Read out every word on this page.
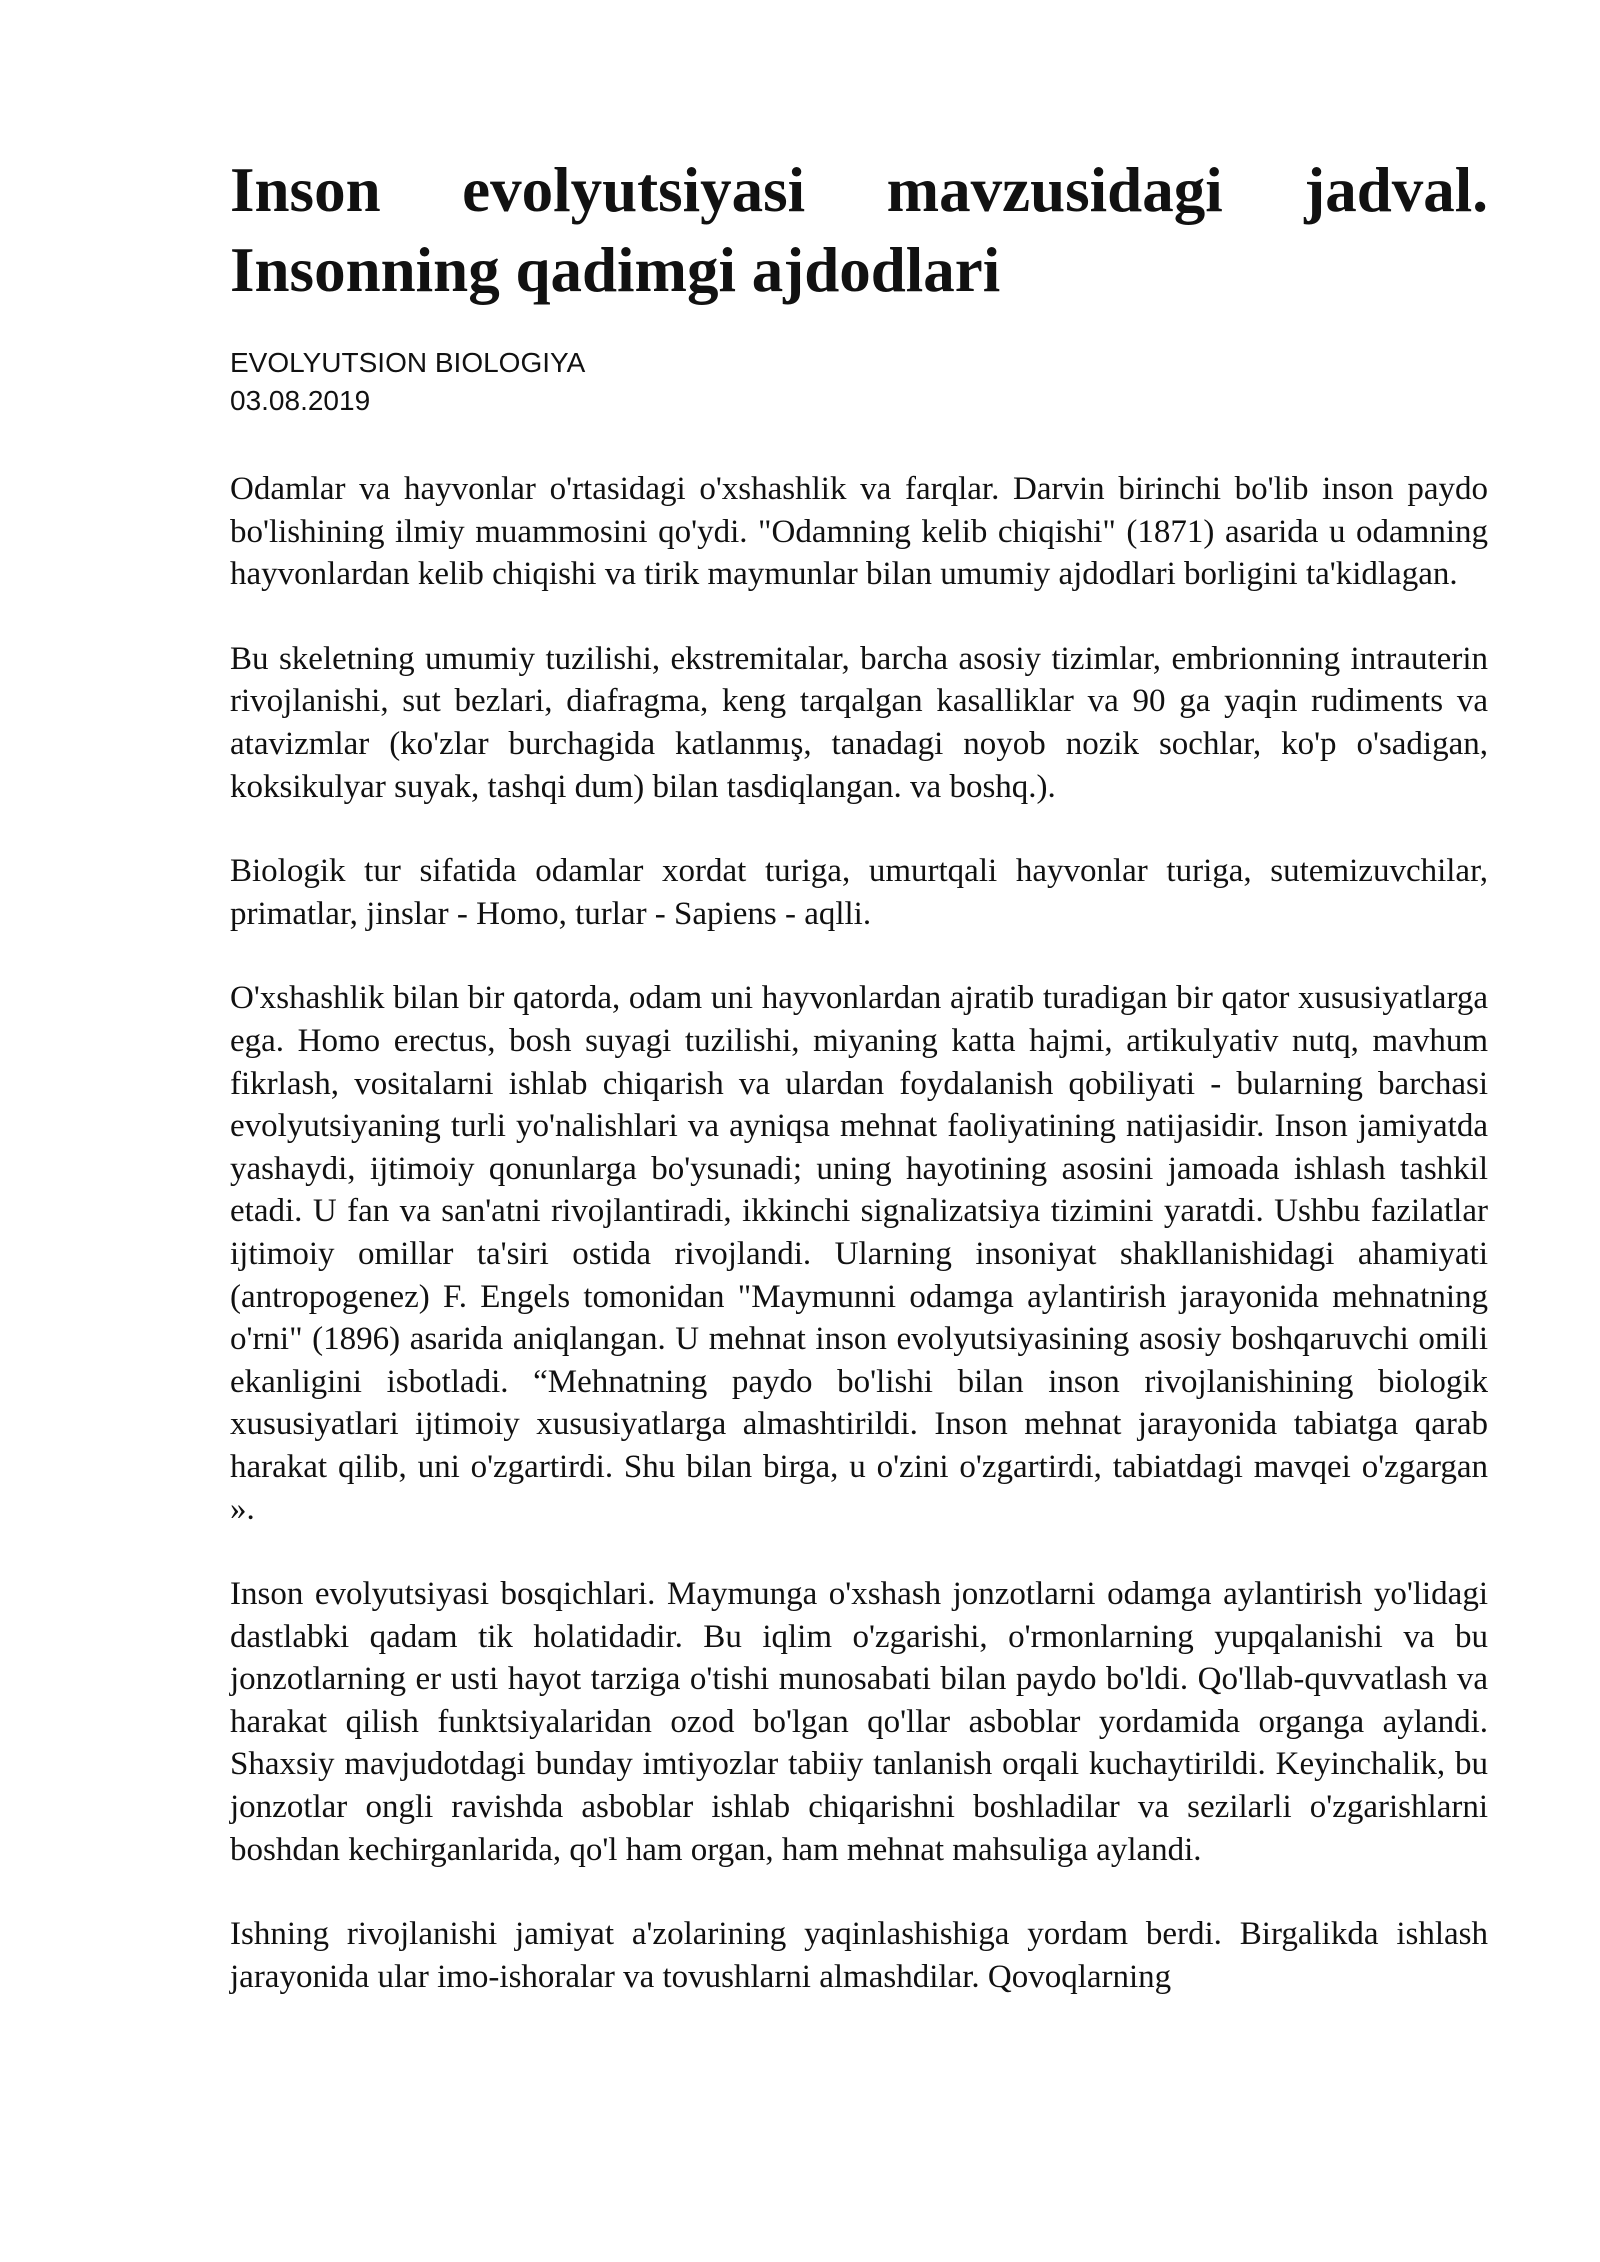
Inson evolyutsiyasi mavzusidagi jadval.
Insonning qadimgi ajdodlari
EVOLYUTSION BIOLOGIYA
03.08.2019

Odamlar va hayvonlar o'rtasidagi o'xshashlik va farqlar. Darvin birinchi bo'lib inson paydo bo'lishining ilmiy muammosini qo'ydi. "Odamning kelib chiqishi" (1871) asarida u odamning hayvonlardan kelib chiqishi va tirik maymunlar bilan umumiy ajdodlari borligini ta'kidlagan.

Bu skeletning umumiy tuzilishi, ekstremitalar, barcha asosiy tizimlar, embrionning intrauterin rivojlanishi, sut bezlari, diafragma, keng tarqalgan kasalliklar va 90 ga yaqin rudiments va atavizmlar (ko'zlar burchagida katlanmış, tanadagi noyob nozik sochlar, ko'p o'sadigan, koksikulyar suyak, tashqi dum) bilan tasdiqlangan. va boshq.).

Biologik tur sifatida odamlar xordat turiga, umurtqali hayvonlar turiga, sutemizuvchilar, primatlar, jinslar - Homo, turlar - Sapiens - aqlli.

O'xshashlik bilan bir qatorda, odam uni hayvonlardan ajratib turadigan bir qator xususiyatlarga ega. Homo erectus, bosh suyagi tuzilishi, miyaning katta hajmi, artikulyativ nutq, mavhum fikrlash, vositalarni ishlab chiqarish va ulardan foydalanish qobiliyati - bularning barchasi evolyutsiyaning turli yo'nalishlari va ayniqsa mehnat faoliyatining natijasidir. Inson jamiyatda yashaydi, ijtimoiy qonunlarga bo'ysunadi; uning hayotining asosini jamoada ishlash tashkil etadi. U fan va san'atni rivojlantiradi, ikkinchi signalizatsiya tizimini yaratdi. Ushbu fazilatlar ijtimoiy omillar ta'siri ostida rivojlandi. Ularning insoniyat shakllanishidagi ahamiyati (antropogenez) F. Engels tomonidan "Maymunni odamga aylantirish jarayonida mehnatning o'rni" (1896) asarida aniqlangan. U mehnat inson evolyutsiyasining asosiy boshqaruvchi omili ekanligini isbotladi. “Mehnatning paydo bo'lishi bilan inson rivojlanishining biologik xususiyatlari ijtimoiy xususiyatlarga almashtirildi. Inson mehnat jarayonida tabiatga qarab harakat qilib, uni o'zgartirdi. Shu bilan birga, u o'zini o'zgartirdi, tabiatdagi mavqei o'zgargan ».

Inson evolyutsiyasi bosqichlari. Maymunga o'xshash jonzotlarni odamga aylantirish yo'lidagi dastlabki qadam tik holatidadir. Bu iqlim o'zgarishi, o'rmonlarning yupqalanishi va bu jonzotlarning er usti hayot tarziga o'tishi munosabati bilan paydo bo'ldi. Qo'llab-quvvatlash va harakat qilish funktsiyalaridan ozod bo'lgan qo'llar asboblar yordamida organga aylandi. Shaxsiy mavjudotdagi bunday imtiyozlar tabiiy tanlanish orqali kuchaytirildi. Keyinchalik, bu jonzotlar ongli ravishda asboblar ishlab chiqarishni boshladilar va sezilarli o'zgarishlarni boshdan kechirganlarida, qo'l ham organ, ham mehnat mahsuliga aylandi.

Ishning rivojlanishi jamiyat a'zolarining yaqinlashishiga yordam berdi. Birgalikda ishlash jarayonida ular imo-ishoralar va tovushlarni almashdilar. Qovoqlarning
